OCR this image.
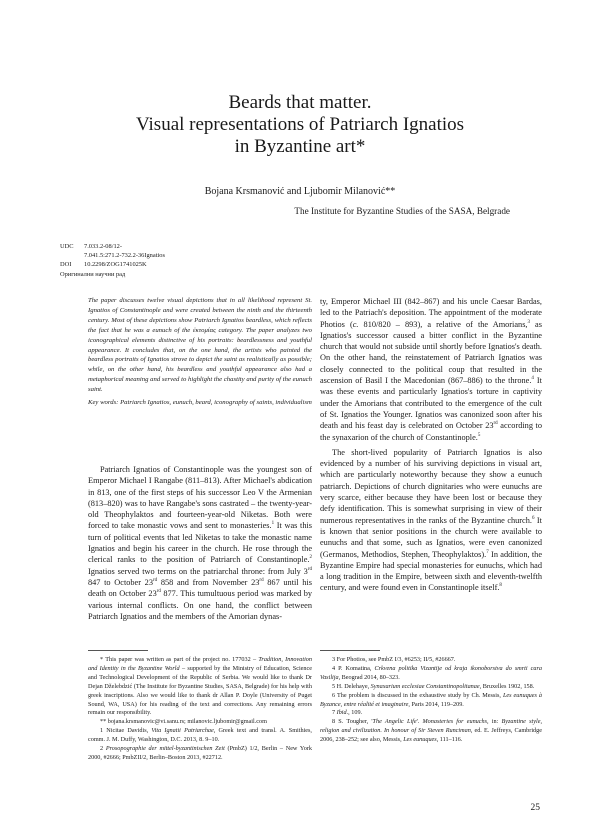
Beards that matter.
Visual representations of Patriarch Ignatios
in Byzantine art*
Bojana Krsmanović and Ljubomir Milanović**
The Institute for Byzantine Studies of the SASA, Belgrade
UDC	7.033.2-08/12-
7.041.5:271.2-732.2-36Ignatios
DOI	10.2298/ZOG1741025K
Оригинални научни рад

The paper discusses twelve visual depictions that in all likelihood represent St. Ignatios of Constantinople and were created between the ninth and the thirteenth century. Most of these depictions show Patriarch Ignatios beardless, which reflects the fact that he was a eunuch of the ἐκτομίας category. The paper analyzes two iconographical elements distinctive of his portraits: beardlessness and youthful appearance. It concludes that, on the one hand, the artists who painted the beardless portraits of Ignatios strove to depict the saint as realistically as possible; while, on the other hand, his beardless and youthful appearance also had a metaphorical meaning and served to highlight the chastity and purity of the eunuch saint.

Key words: Patriarch Ignatios, eunuch, beard, iconography of saints, individualism

Patriarch Ignatios of Constantinople was the youngest son of Emperor Michael I Rangabe (811–813). After Michael's abdication in 813, one of the first steps of his successor Leo V the Armenian (813–820) was to have Rangabe's sons castrated – the twenty-year-old Theophylaktos and fourteen-year-old Niketas. Both were forced to take monastic vows and sent to monasteries.$^1$ It was this turn of political events that led Niketas to take the monastic name Ignatios and begin his career in the church. He rose through the clerical ranks to the position of Patriarch of Constantinople.$^2$ Ignatios served two terms on the patriarchal throne: from July 3rd 847 to October 23rd 858 and from November 23rd 867 until his death on October 23rd 877. This tumultuous period was marked by various internal conflicts. On one hand, the conflict between Patriarch Ignatios and the members of the Amorian dynas-

ty, Emperor Michael III (842–867) and his uncle Caesar Bardas, led to the Patriach's deposition. The appointment of the moderate Photios (c. 810/820 – 893), a relative of the Amorians,$^3$ as Ignatios's successor caused a bitter conflict in the Byzantine church that would not subside until shortly before Ignatios's death. On the other hand, the reinstatement of Patriarch Ignatios was closely connected to the political coup that resulted in the ascension of Basil I the Macedonian (867–886) to the throne.$^4$ It was these events and particularly Ignatios's torture in captivity under the Amorians that contributed to the emergence of the cult of St. Ignatios the Younger. Ignatios was canonized soon after his death and his feast day is celebrated on October 23rd according to the synaxarion of the church of Constantinople.$^5$

The short-lived popularity of Patriarch Ignatios is also evidenced by a number of his surviving depictions in visual art, which are particularly noteworthy because they show a eunuch patriarch. Depictions of church dignitaries who were eunuchs are very scarce, either because they have been lost or because they defy identification. This is somewhat surprising in view of their numerous representatives in the ranks of the Byzantine church.$^6$ It is known that senior positions in the church were available to eunuchs and that some, such as Ignatios, were even canonized (Germanos, Methodios, Stephen, Theophylaktos).$^7$ In addition, the Byzantine Empire had special monasteries for eunuchs, which had a long tradition in the Empire, between sixth and eleventh-twelfth century, and were found even in Constantinople itself.$^8$

* This paper was written as part of the project no. 177032 – Tradition, Innovation and Identity in the Byzantine World – supported by the Ministry of Education, Science and Technological Development of the Republic of Serbia. We would like to thank Dr Dejan Dželebdzić (The Institute for Byzantine Studies, SASA, Belgrade) for his help with greek inscriptions. Also we would like to thank dr Allan P. Doyle (University of Puget Sound, WA, USA) for his reading of the text and corrections. Any remaining errors remain our responsibility.

** bojana.krsmanovic@vi.sanu.rs; milanovic.ljubomir@gmail.com

1 Nicitae Davidis, Vita Ignatii Patriarchae, Greek text and transl. A. Smithies, comm. J. M. Duffy, Washington, D.C. 2013, 8. 9–10.

2 Prosopographie der mittel-byzantinischen Zeit (PmbZ) 1/2, Berlin – New York 2000, #2666; PmbZII/2, Berlin–Boston 2013, #22712.

3 For Photios, see PmbZ I/3, #6253; II/5, #26667.

4 P. Komatina, Crkvena politika Vizantije od kraja ikonoborstva do smrti cara Vasilija, Beograd 2014, 80–323.

5 H. Delehaye, Synaxarium ecclesiae Constantinopolitanae, Bruxelles 1902, 158.

6 The problem is discussed in the exhaustive study by Ch. Messis, Les eunuques à Byzance, entre réalité et imaginaire, Paris 2014, 119–209.

7 Ibid., 109.

8 S. Tougher, 'The Angelic Life'. Monasteries for eunuchs, in: Byzantine style, religion and civilization. In honour of Sir Steven Runciman, ed. E. Jeffreys, Cambridge 2006, 238–252; see also, Messis, Les eunuques, 111–116.

25
